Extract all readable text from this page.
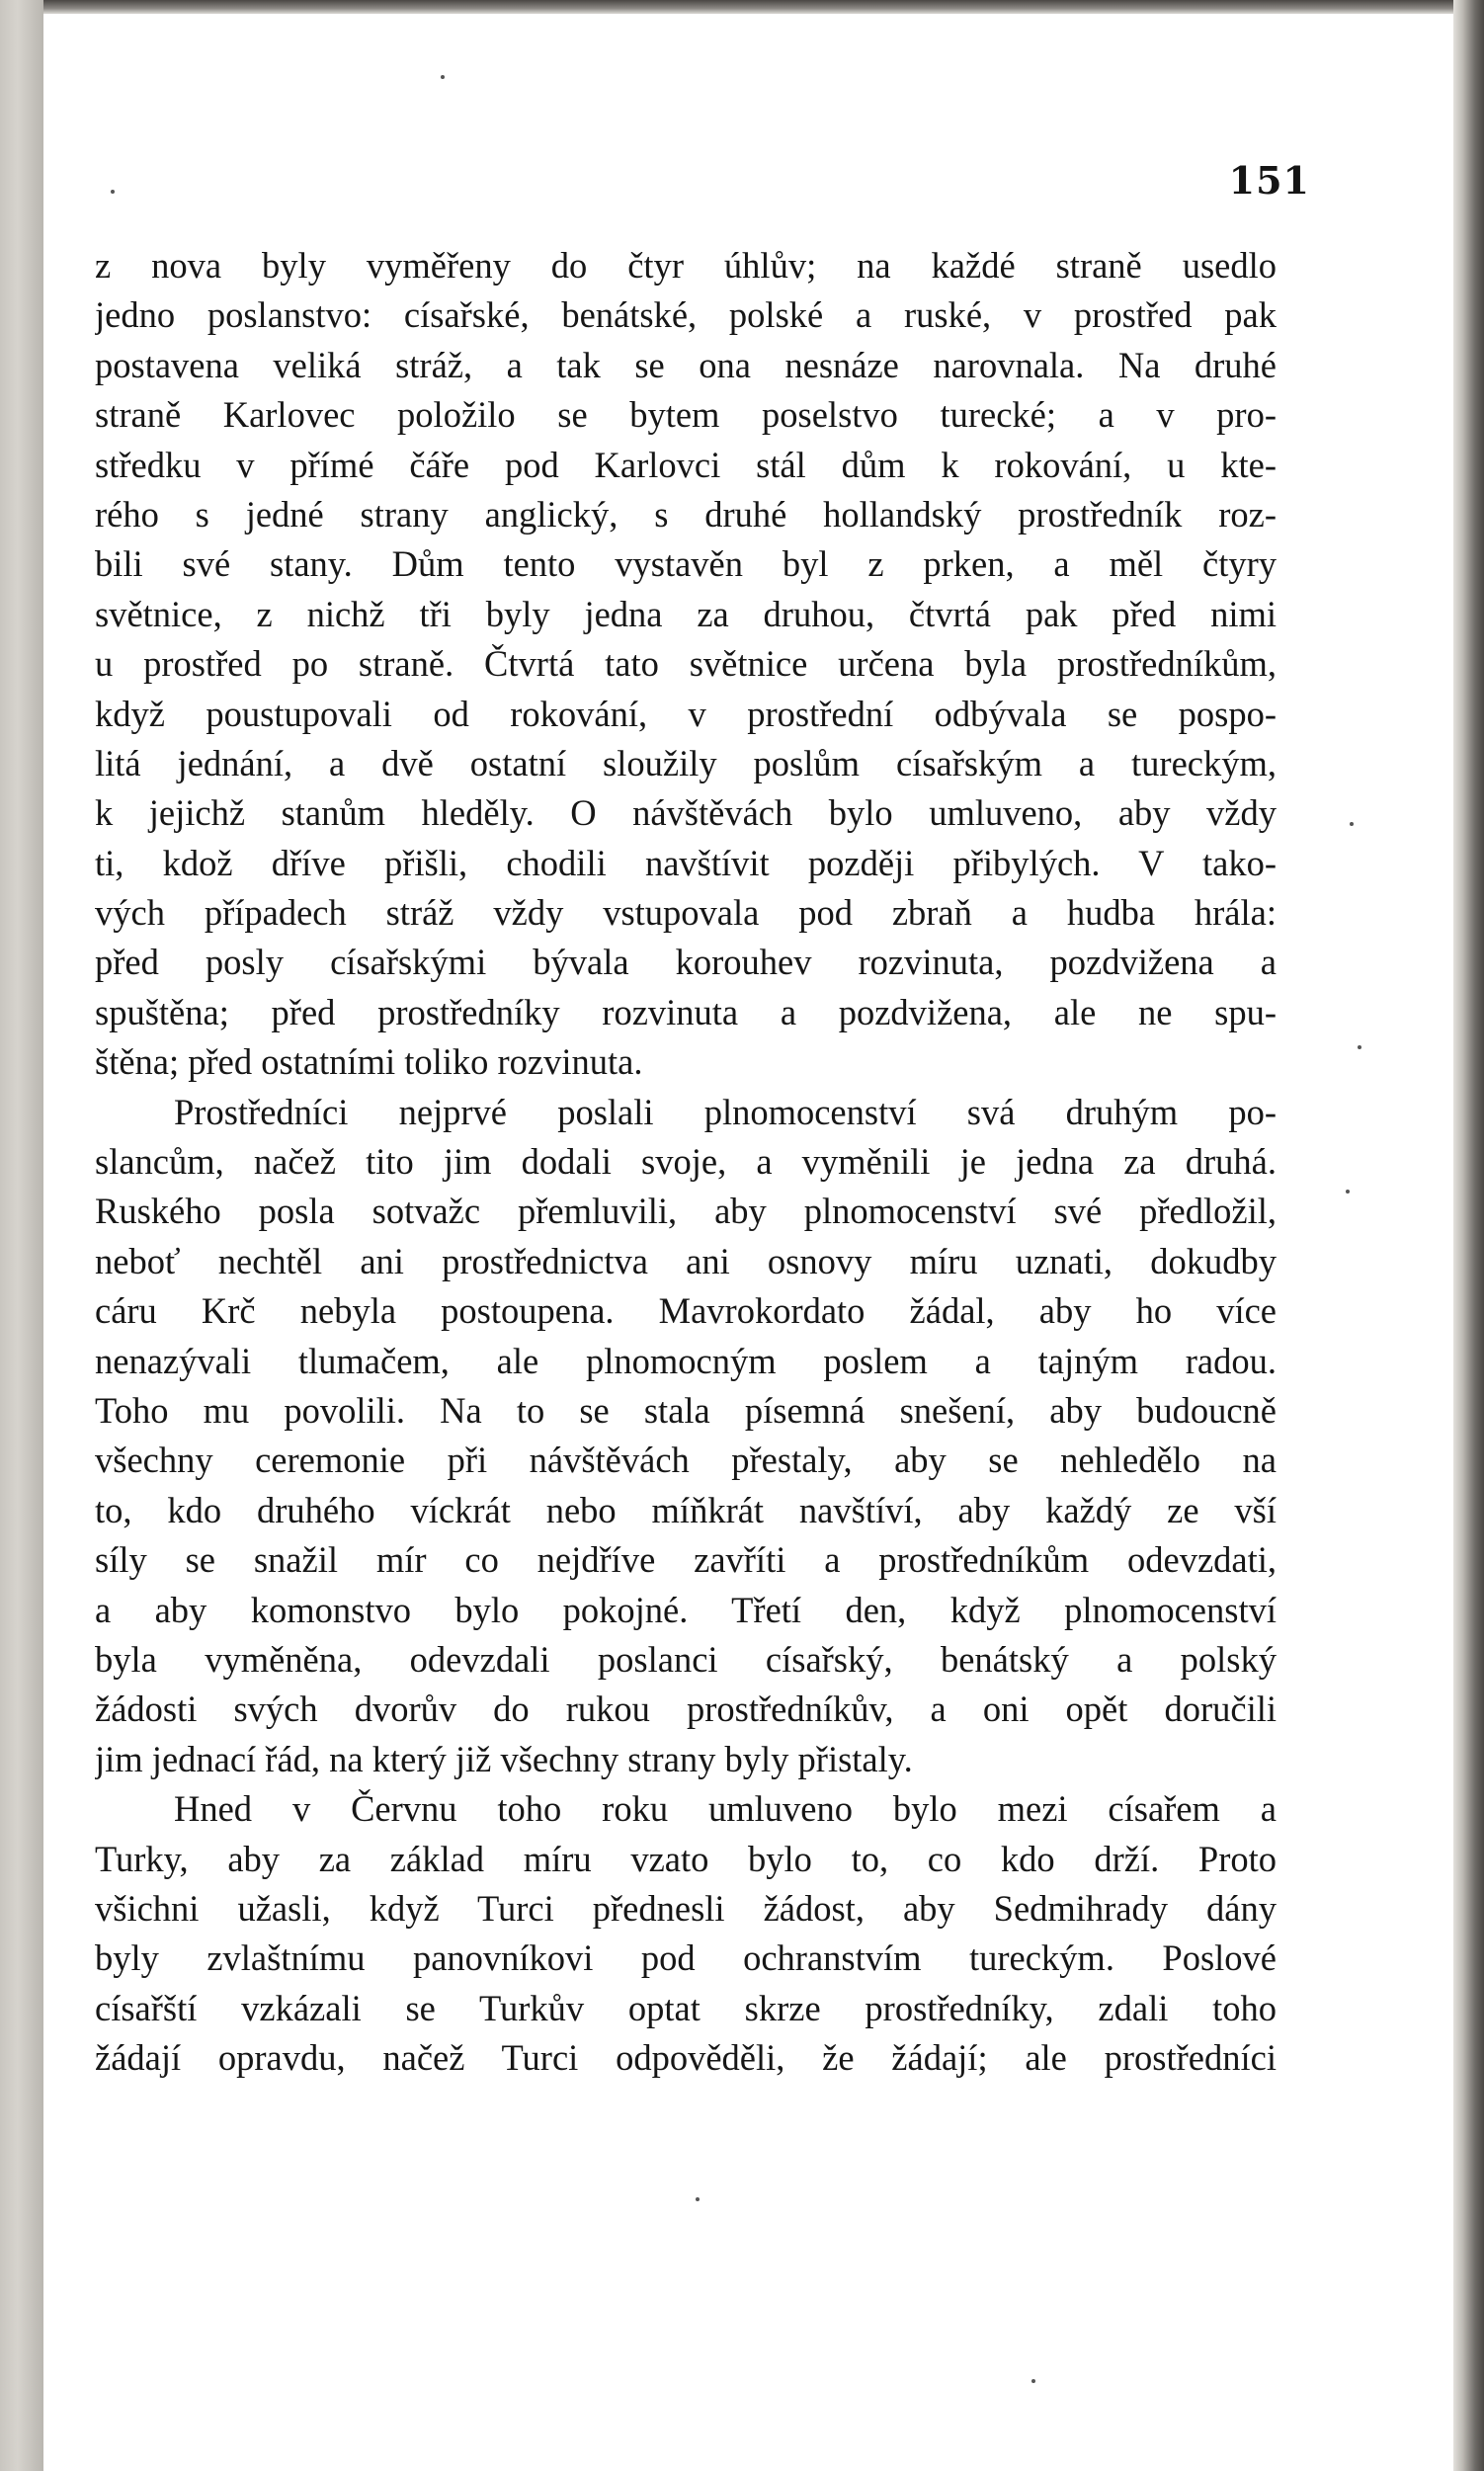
151
z nova byly vyměřeny do čtyr úhlův; na každé straně usedlo
jedno poslanstvo: císařské, benátské, polské a ruské, v prostřed pak
postavena veliká stráž, a tak se ona nesnáze narovnala. Na druhé
straně Karlovec položilo se bytem poselstvo turecké; a v pro-
středku v přímé čáře pod Karlovci stál dům k rokování, u kte-
rého s jedné strany anglický, s druhé hollandský prostředník roz-
bili své stany. Dům tento vystavěn byl z prken, a měl čtyry
světnice, z nichž tři byly jedna za druhou, čtvrtá pak před nimi
u prostřed po straně. Čtvrtá tato světnice určena byla prostředníkům,
když poustupovali od rokování, v prostřední odbývala se pospo-
litá jednání, a dvě ostatní sloužily poslům císařským a tureckým,
k jejichž stanům hleděly. O návštěvách bylo umluveno, aby vždy
ti, kdož dříve přišli, chodili navštívit později přibylých. V tako-
vých případech stráž vždy vstupovala pod zbraň a hudba hrála:
před posly císařskými bývala korouhev rozvinuta, pozdvižena a
spuštěna; před prostředníky rozvinuta a pozdvižena, ale ne spu-
štěna; před ostatními toliko rozvinuta.
Prostředníci nejprvé poslali plnomocenství svá druhým po-
slancům, načež tito jim dodali svoje, a vyměnili je jedna za druhá.
Ruského posla sotvažc přemluvili, aby plnomocenství své předložil,
neboť nechtěl ani prostřednictva ani osnovy míru uznati, dokudby
cáru Krč nebyla postoupena. Mavrokordato žádal, aby ho více
nenazývali tlumačem, ale plnomocným poslem a tajným radou.
Toho mu povolili. Na to se stala písemná snešení, aby budoucně
všechny ceremonie při návštěvách přestaly, aby se nehledělo na
to, kdo druhého víckrát nebo míňkrát navštíví, aby každý ze vší
síly se snažil mír co nejdříve zavříti a prostředníkům odevzdati,
a aby komonstvo bylo pokojné. Třetí den, když plnomocenství
byla vyměněna, odevzdali poslanci císařský, benátský a polský
žádosti svých dvorův do rukou prostředníkův, a oni opět doručili
jim jednací řád, na který již všechny strany byly přistaly.
Hned v Červnu toho roku umluveno bylo mezi císařem a
Turky, aby za základ míru vzato bylo to, co kdo drží. Proto
všichni užasli, když Turci přednesli žádost, aby Sedmihrady dány
byly zvlaštnímu panovníkovi pod ochranstvím tureckým. Poslové
císařští vzkázali se Turkův optat skrze prostředníky, zdali toho
žádají opravdu, načež Turci odpověděli, že žádají; ale prostředníci
